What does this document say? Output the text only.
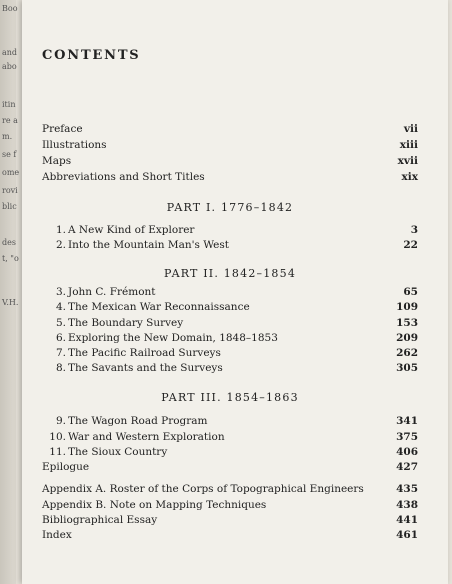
Boo
and
abo
itin
re a
m.
se f
ome
rovi
blic
des
t, "o
V.H.
CONTENTS
Preface	vii
Illustrations	xiii
Maps	xvii
Abbreviations and Short Titles	xix
PART I. 1776–1842
1. A New Kind of Explorer	3
2. Into the Mountain Man's West	22
PART II. 1842–1854
3. John C. Frémont	65
4. The Mexican War Reconnaissance	109
5. The Boundary Survey	153
6. Exploring the New Domain, 1848–1853	209
7. The Pacific Railroad Surveys	262
8. The Savants and the Surveys	305
PART III. 1854–1863
9. The Wagon Road Program	341
10. War and Western Exploration	375
11. The Sioux Country	406
Epilogue	427
Appendix A. Roster of the Corps of Topographical Engineers	435
Appendix B. Note on Mapping Techniques	438
Bibliographical Essay	441
Index	461
